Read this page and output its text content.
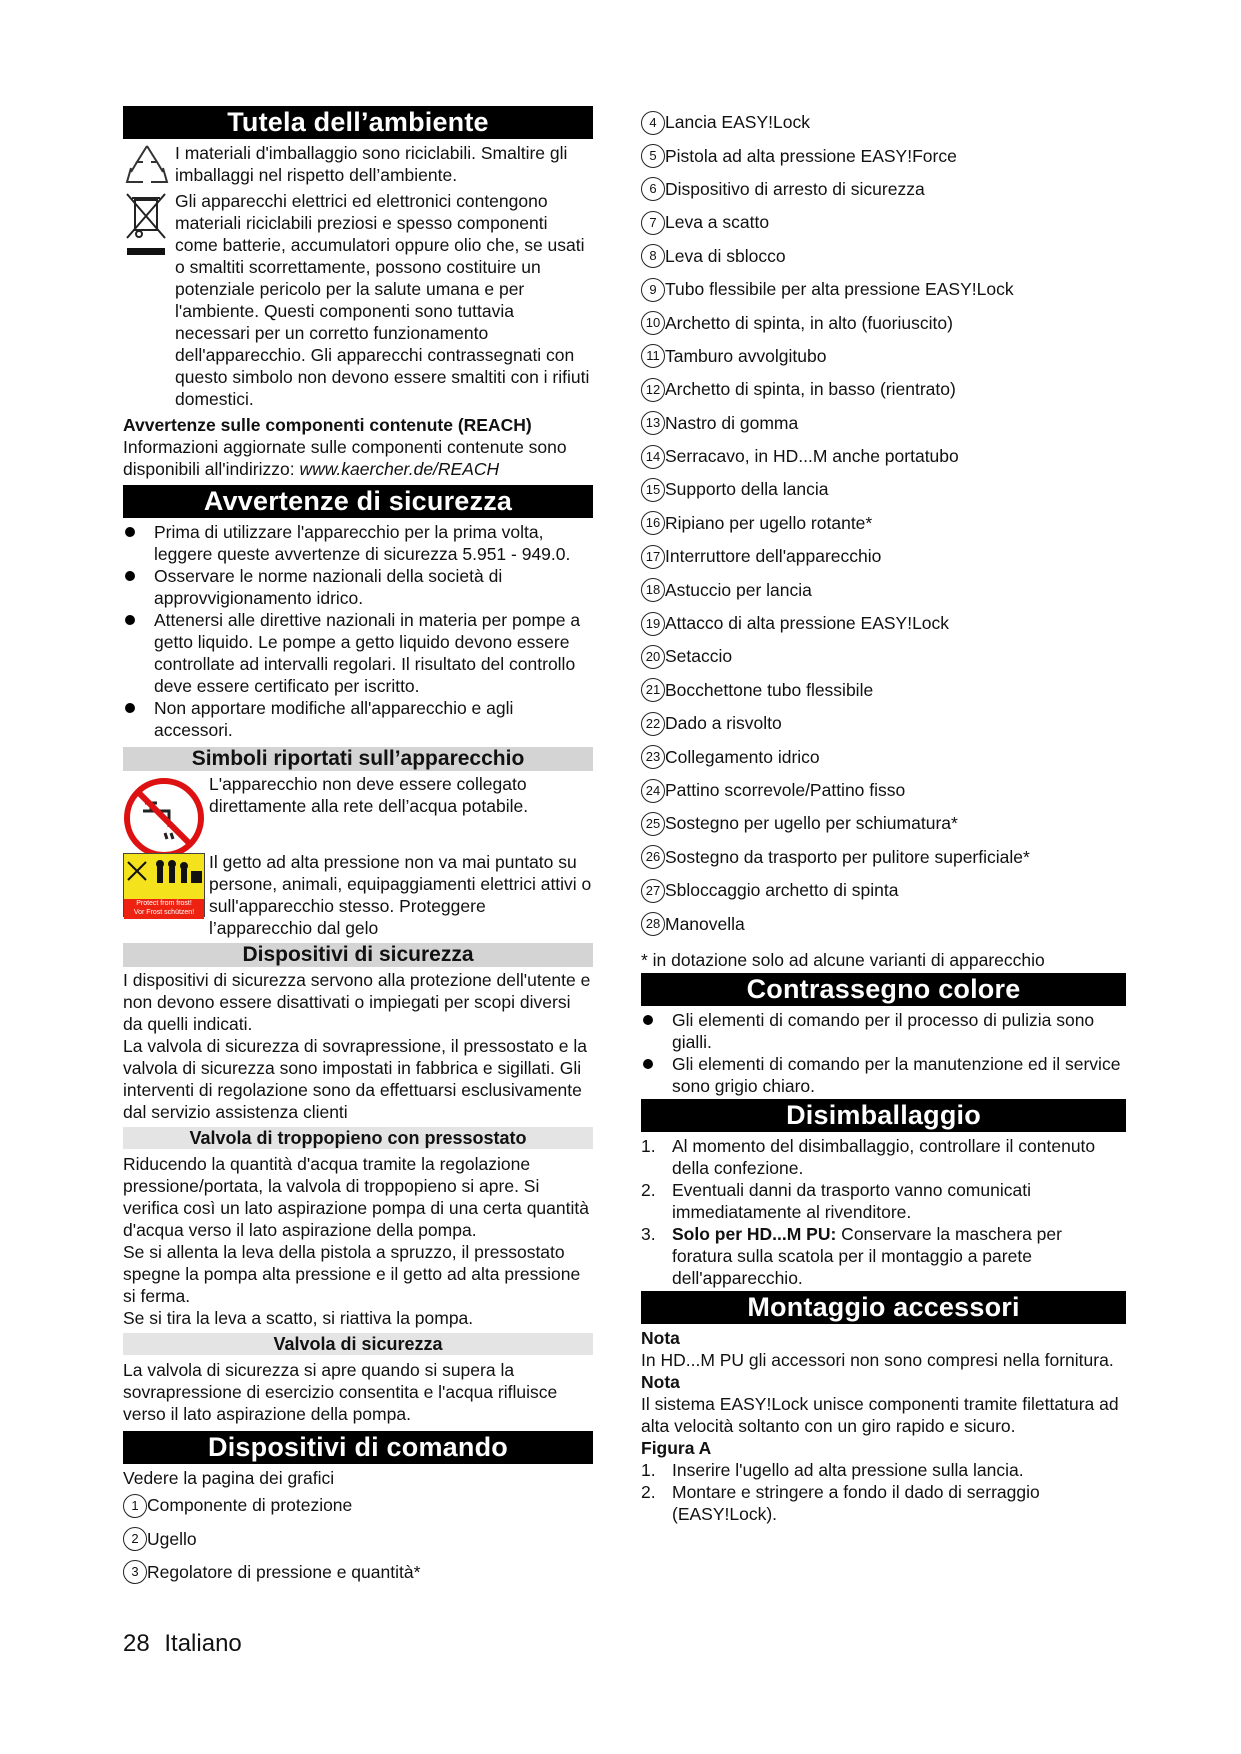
Tutela dell’ambiente

I materiali d'imballaggio sono riciclabili. Smaltire gli imballaggi nel rispetto dell’ambiente.

Gli apparecchi elettrici ed elettronici contengono materiali riciclabili preziosi e spesso componenti come batterie, accumulatori oppure olio che, se usati o smaltiti scorrettamente, possono costituire un potenziale pericolo per la salute umana e per l'ambiente. Questi componenti sono tuttavia necessari per un corretto funzionamento dell'apparecchio. Gli apparecchi contrassegnati con questo simbolo non devono essere smaltiti con i rifiuti domestici.

Avvertenze sulle componenti contenute (REACH)

Informazioni aggiornate sulle componenti contenute sono disponibili all'indirizzo: www.kaercher.de/REACH

Avvertenze di sicurezza
Prima di utilizzare l'apparecchio per la prima volta, leggere queste avvertenze di sicurezza 5.951 - 949.0.
Osservare le norme nazionali della società di approvvigionamento idrico.
Attenersi alle direttive nazionali in materia per pompe a getto liquido. Le pompe a getto liquido devono essere controllate ad intervalli regolari. Il risultato del controllo deve essere certificato per iscritto.
Non apportare modifiche all'apparecchio e agli accessori.
Simboli riportati sull’apparecchio

L'apparecchio non deve essere collegato direttamente alla rete dell’acqua potabile.

Protect from frost!
Vor Frost schützen!

Il getto ad alta pressione non va mai puntato su persone, animali, equipaggiamenti elettrici attivi o sull'apparecchio stesso. Proteggere l’apparecchio dal gelo

Dispositivi di sicurezza

I dispositivi di sicurezza servono alla protezione dell'utente e non devono essere disattivati o impiegati per scopi diversi da quelli indicati.

La valvola di sicurezza di sovrapressione, il pressostato e la valvola di sicurezza sono impostati in fabbrica e sigillati. Gli interventi di regolazione sono da effettuarsi esclusivamente dal servizio assistenza clienti

Valvola di troppopieno con pressostato

Riducendo la quantità d'acqua tramite la regolazione pressione/portata, la valvola di troppopieno si apre. Si verifica così un lato aspirazione pompa di una certa quantità d'acqua verso il lato aspirazione della pompa.

Se si allenta la leva della pistola a spruzzo, il pressostato spegne la pompa alta pressione e il getto ad alta pressione si ferma.

Se si tira la leva a scatto, si riattiva la pompa.

Valvola di sicurezza

La valvola di sicurezza si apre quando si supera la sovrapressione di esercizio consentita e l'acqua rifluisce verso il lato aspirazione della pompa.

Dispositivi di comando

Vedere la pagina dei grafici

1 Componente di protezione
2 Ugello
3 Regolatore di pressione e quantità*
4 Lancia EASY!Lock
5 Pistola ad alta pressione EASY!Force
6 Dispositivo di arresto di sicurezza
7 Leva a scatto
8 Leva di sblocco
9 Tubo flessibile per alta pressione EASY!Lock
10 Archetto di spinta, in alto (fuoriuscito)
11 Tamburo avvolgitubo
12 Archetto di spinta, in basso (rientrato)
13 Nastro di gomma
14 Serracavo, in HD...M anche portatubo
15 Supporto della lancia
16 Ripiano per ugello rotante*
17 Interruttore dell'apparecchio
18 Astuccio per lancia
19 Attacco di alta pressione EASY!Lock
20 Setaccio
21 Bocchettone tubo flessibile
22 Dado a risvolto
23 Collegamento idrico
24 Pattino scorrevole/Pattino fisso
25 Sostegno per ugello per schiumatura*
26 Sostegno da trasporto per pulitore superficiale*
27 Sbloccaggio archetto di spinta
28 Manovella

* in dotazione solo ad alcune varianti di apparecchio

Contrassegno colore
Gli elementi di comando per il processo di pulizia sono gialli.
Gli elementi di comando per la manutenzione ed il service sono grigio chiaro.
Disimballaggio
1. Al momento del disimballaggio, controllare il contenuto della confezione.
2. Eventuali danni da trasporto vanno comunicati immediatamente al rivenditore.
3. Solo per HD...M PU: Conservare la maschera per foratura sulla scatola per il montaggio a parete dell'apparecchio.
Montaggio accessori

Nota

In HD...M PU gli accessori non sono compresi nella fornitura.

Nota

Il sistema EASY!Lock unisce componenti tramite filettatura ad alta velocità soltanto con un giro rapido e sicuro.

Figura A

1. Inserire l'ugello ad alta pressione sulla lancia.
2. Montare e stringere a fondo il dado di serraggio (EASY!Lock).
28 Italiano
